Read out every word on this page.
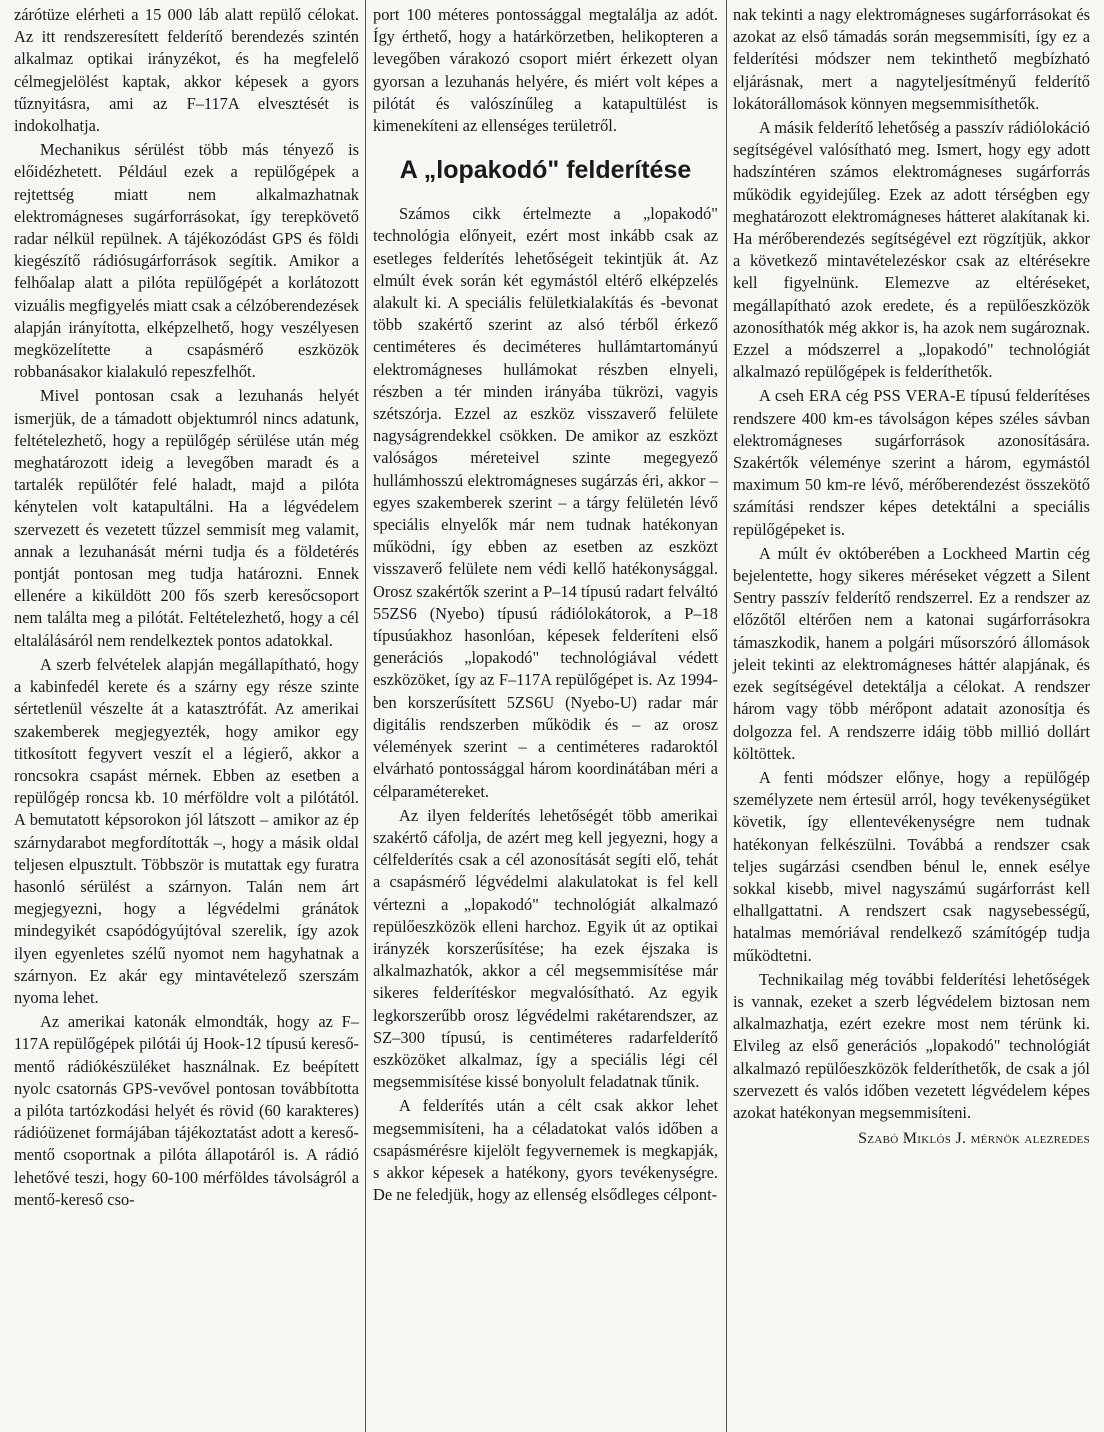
zárótüze elérheti a 15 000 láb alatt repülő célokat. Az itt rendszeresített felderítő berendezés szintén alkalmaz optikai irányzékot, és ha megfelelő célmegjelölést kaptak, akkor képesek a gyors tűznyitásra, ami az F–117A elvesztését is indokolhatja.

Mechanikus sérülést több más tényező is előidézhetett. Például ezek a repülőgépek a rejtettség miatt nem alkalmazhatnak elektromágneses sugárforrásokat, így terepkövető radar nélkül repülnek. A tájékozódást GPS és földi kiegészítő rádiósugárforrások segítik. Amikor a felhőalap alatt a pilóta repülőgépét a korlátozott vizuális megfigyelés miatt csak a célzóberendezések alapján irányította, elképzelhető, hogy veszélyesen megközelítette a csapásmérő eszközök robbanásakor kialakuló repeszfelhőt.

Mivel pontosan csak a lezuhanás helyét ismerjük, de a támadott objektumról nincs adatunk, feltételezhető, hogy a repülőgép sérülése után még meghatározott ideig a levegőben maradt és a tartalék repülőtér felé haladt, majd a pilóta kénytelen volt katapultálni. Ha a légvédelem szervezett és vezetett tűzzel semmisít meg valamit, annak a lezuhanását mérni tudja és a földetérés pontját pontosan meg tudja határozni. Ennek ellenére a kiküldött 200 fős szerb keresőcsoport nem találta meg a pilótát. Feltételezhető, hogy a cél eltalálásáról nem rendelkeztek pontos adatokkal.

A szerb felvételek alapján megállapítható, hogy a kabinfedél kerete és a szárny egy része szinte sértetlenül vészelte át a katasztrófát. Az amerikai szakemberek megjegyezték, hogy amikor egy titkosított fegyvert veszít el a légierő, akkor a roncsokra csapást mérnek. Ebben az esetben a repülőgép roncsa kb. 10 mérföldre volt a pilótától. A bemutatott képsorokon jól látszott – amikor az ép szárnydarabot megfordították –, hogy a másik oldal teljesen elpusztult. Többször is mutattak egy furatra hasonló sérülést a szárnyon. Talán nem árt megjegyezni, hogy a légvédelmi gránátok mindegyikét csapódógyújtóval szerelik, így azok ilyen egyenletes szélű nyomot nem hagyhatnak a szárnyon. Ez akár egy mintavételező szerszám nyoma lehet.

Az amerikai katonák elmondták, hogy az F–117A repülőgépek pilótái új Hook-12 típusú kereső-mentő rádiókészüléket használnak. Ez beépített nyolc csatornás GPS-vevővel pontosan továbbította a pilóta tartózkodási helyét és rövid (60 karakteres) rádióüzenet formájában tájékoztatást adott a kereső-mentő csoportnak a pilóta állapotáról is. A rádió lehetővé teszi, hogy 60-100 mérföldes távolságról a mentő-kereső cso-

port 100 méteres pontossággal megtalálja az adót. Így érthető, hogy a határkörzetben, helikopteren a levegőben várakozó csoport miért érkezett olyan gyorsan a lezuhanás helyére, és miért volt képes a pilótát és valószínűleg a katapultülést is kimenekíteni az ellenséges területről.

A „lopakodó" felderítése

Számos cikk értelmezte a „lopakodó" technológia előnyeit, ezért most inkább csak az esetleges felderítés lehetőségeit tekintjük át. Az elmúlt évek során két egymástól eltérő elképzelés alakult ki. A speciális felületkialakítás és -bevonat több szakértő szerint az alsó térből érkező centiméteres és deciméteres hullámtartományú elektromágneses hullámokat részben elnyeli, részben a tér minden irányába tükrözi, vagyis szétszórja. Ezzel az eszköz visszaverő felülete nagyságrendekkel csökken. De amikor az eszközt valóságos méreteivel szinte megegyező hullámhosszú elektromágneses sugárzás éri, akkor – egyes szakemberek szerint – a tárgy felületén lévő speciális elnyelők már nem tudnak hatékonyan működni, így ebben az esetben az eszközt visszaverő felülete nem védi kellő hatékonysággal. Orosz szakértők szerint a P–14 típusú radart felváltó 55ZS6 (Nyebo) típusú rádiólokátorok, a P–18 típusúakhoz hasonlóan, képesek felderíteni első generációs „lopakodó" technológiával védett eszközöket, így az F–117A repülőgépet is. Az 1994-ben korszerűsített 5ZS6U (Nyebo-U) radar már digitális rendszerben működik és – az orosz vélemények szerint – a centiméteres radaroktól elvárható pontossággal három koordinátában méri a célparamétereket.

Az ilyen felderítés lehetőségét több amerikai szakértő cáfolja, de azért meg kell jegyezni, hogy a célfelderítés csak a cél azonosítását segíti elő, tehát a csapásmérő légvédelmi alakulatokat is fel kell vértezni a „lopakodó" technológiát alkalmazó repülőeszközök elleni harchoz. Egyik út az optikai irányzék korszerűsítése; ha ezek éjszaka is alkalmazhatók, akkor a cél megsemmisítése már sikeres felderítéskor megvalósítható. Az egyik legkorszerűbb orosz légvédelmi rakétarendszer, az SZ–300 típusú, is centiméteres radarfelderítő eszközöket alkalmaz, így a speciális légi cél megsemmisítése kissé bonyolult feladatnak tűnik.

A felderítés után a célt csak akkor lehet megsemmisíteni, ha a céladatokat valós időben a csapásmérésre kijelölt fegyvernemek is megkapják, s akkor képesek a hatékony, gyors tevékenységre. De ne feledjük, hogy az ellenség elsődleges célpont-

nak tekinti a nagy elektromágneses sugárforrásokat és azokat az első támadás során megsemmisíti, így ez a felderítési módszer nem tekinthető megbízható eljárásnak, mert a nagyteljesítményű felderítő lokátorállomások könnyen megsemmisíthetők.

A másik felderítő lehetőség a passzív rádiólokáció segítségével valósítható meg. Ismert, hogy egy adott hadszíntéren számos elektromágneses sugárforrás működik egyidejűleg. Ezek az adott térségben egy meghatározott elektromágneses hátteret alakítanak ki. Ha mérőberendezés segítségével ezt rögzítjük, akkor a következő mintavételezéskor csak az eltérésekre kell figyelnünk. Elemezve az eltéréseket, megállapítható azok eredete, és a repülőeszközök azonosíthatók még akkor is, ha azok nem sugároznak. Ezzel a módszerrel a „lopakodó" technológiát alkalmazó repülőgépek is felderíthetők.

A cseh ERA cég PSS VERA-E típusú felderítéses rendszere 400 km-es távolságon képes széles sávban elektromágneses sugárforrások azonosítására. Szakértők véleménye szerint a három, egymástól maximum 50 km-re lévő, mérőberendezést összekötő számítási rendszer képes detektálni a speciális repülőgépeket is.

A múlt év októberében a Lockheed Martin cég bejelentette, hogy sikeres méréseket végzett a Silent Sentry passzív felderítő rendszerrel. Ez a rendszer az előzőtől eltérően nem a katonai sugárforrásokra támaszkodik, hanem a polgári műsorszóró állomások jeleit tekinti az elektromágneses háttér alapjának, és ezek segítségével detektálja a célokat. A rendszer három vagy több mérőpont adatait azonosítja és dolgozza fel. A rendszerre idáig több millió dollárt költöttek.

A fenti módszer előnye, hogy a repülőgép személyzete nem értesül arról, hogy tevékenységüket követik, így ellentevékenységre nem tudnak hatékonyan felkészülni. Továbbá a rendszer csak teljes sugárzási csendben bénul le, ennek esélye sokkal kisebb, mivel nagyszámú sugárforrást kell elhallgattatni. A rendszert csak nagysebességű, hatalmas memóriával rendelkező számítógép tudja működtetni.

Technikailag még további felderítési lehetőségek is vannak, ezeket a szerb légvédelem biztosan nem alkalmazhatja, ezért ezekre most nem térünk ki. Elvileg az első generációs „lopakodó" technológiát alkalmazó repülőeszközök felderíthetők, de csak a jól szervezett és valós időben vezetett légvédelem képes azokat hatékonyan megsemmisíteni.

Szabó Miklós J. mérnök alezredes
